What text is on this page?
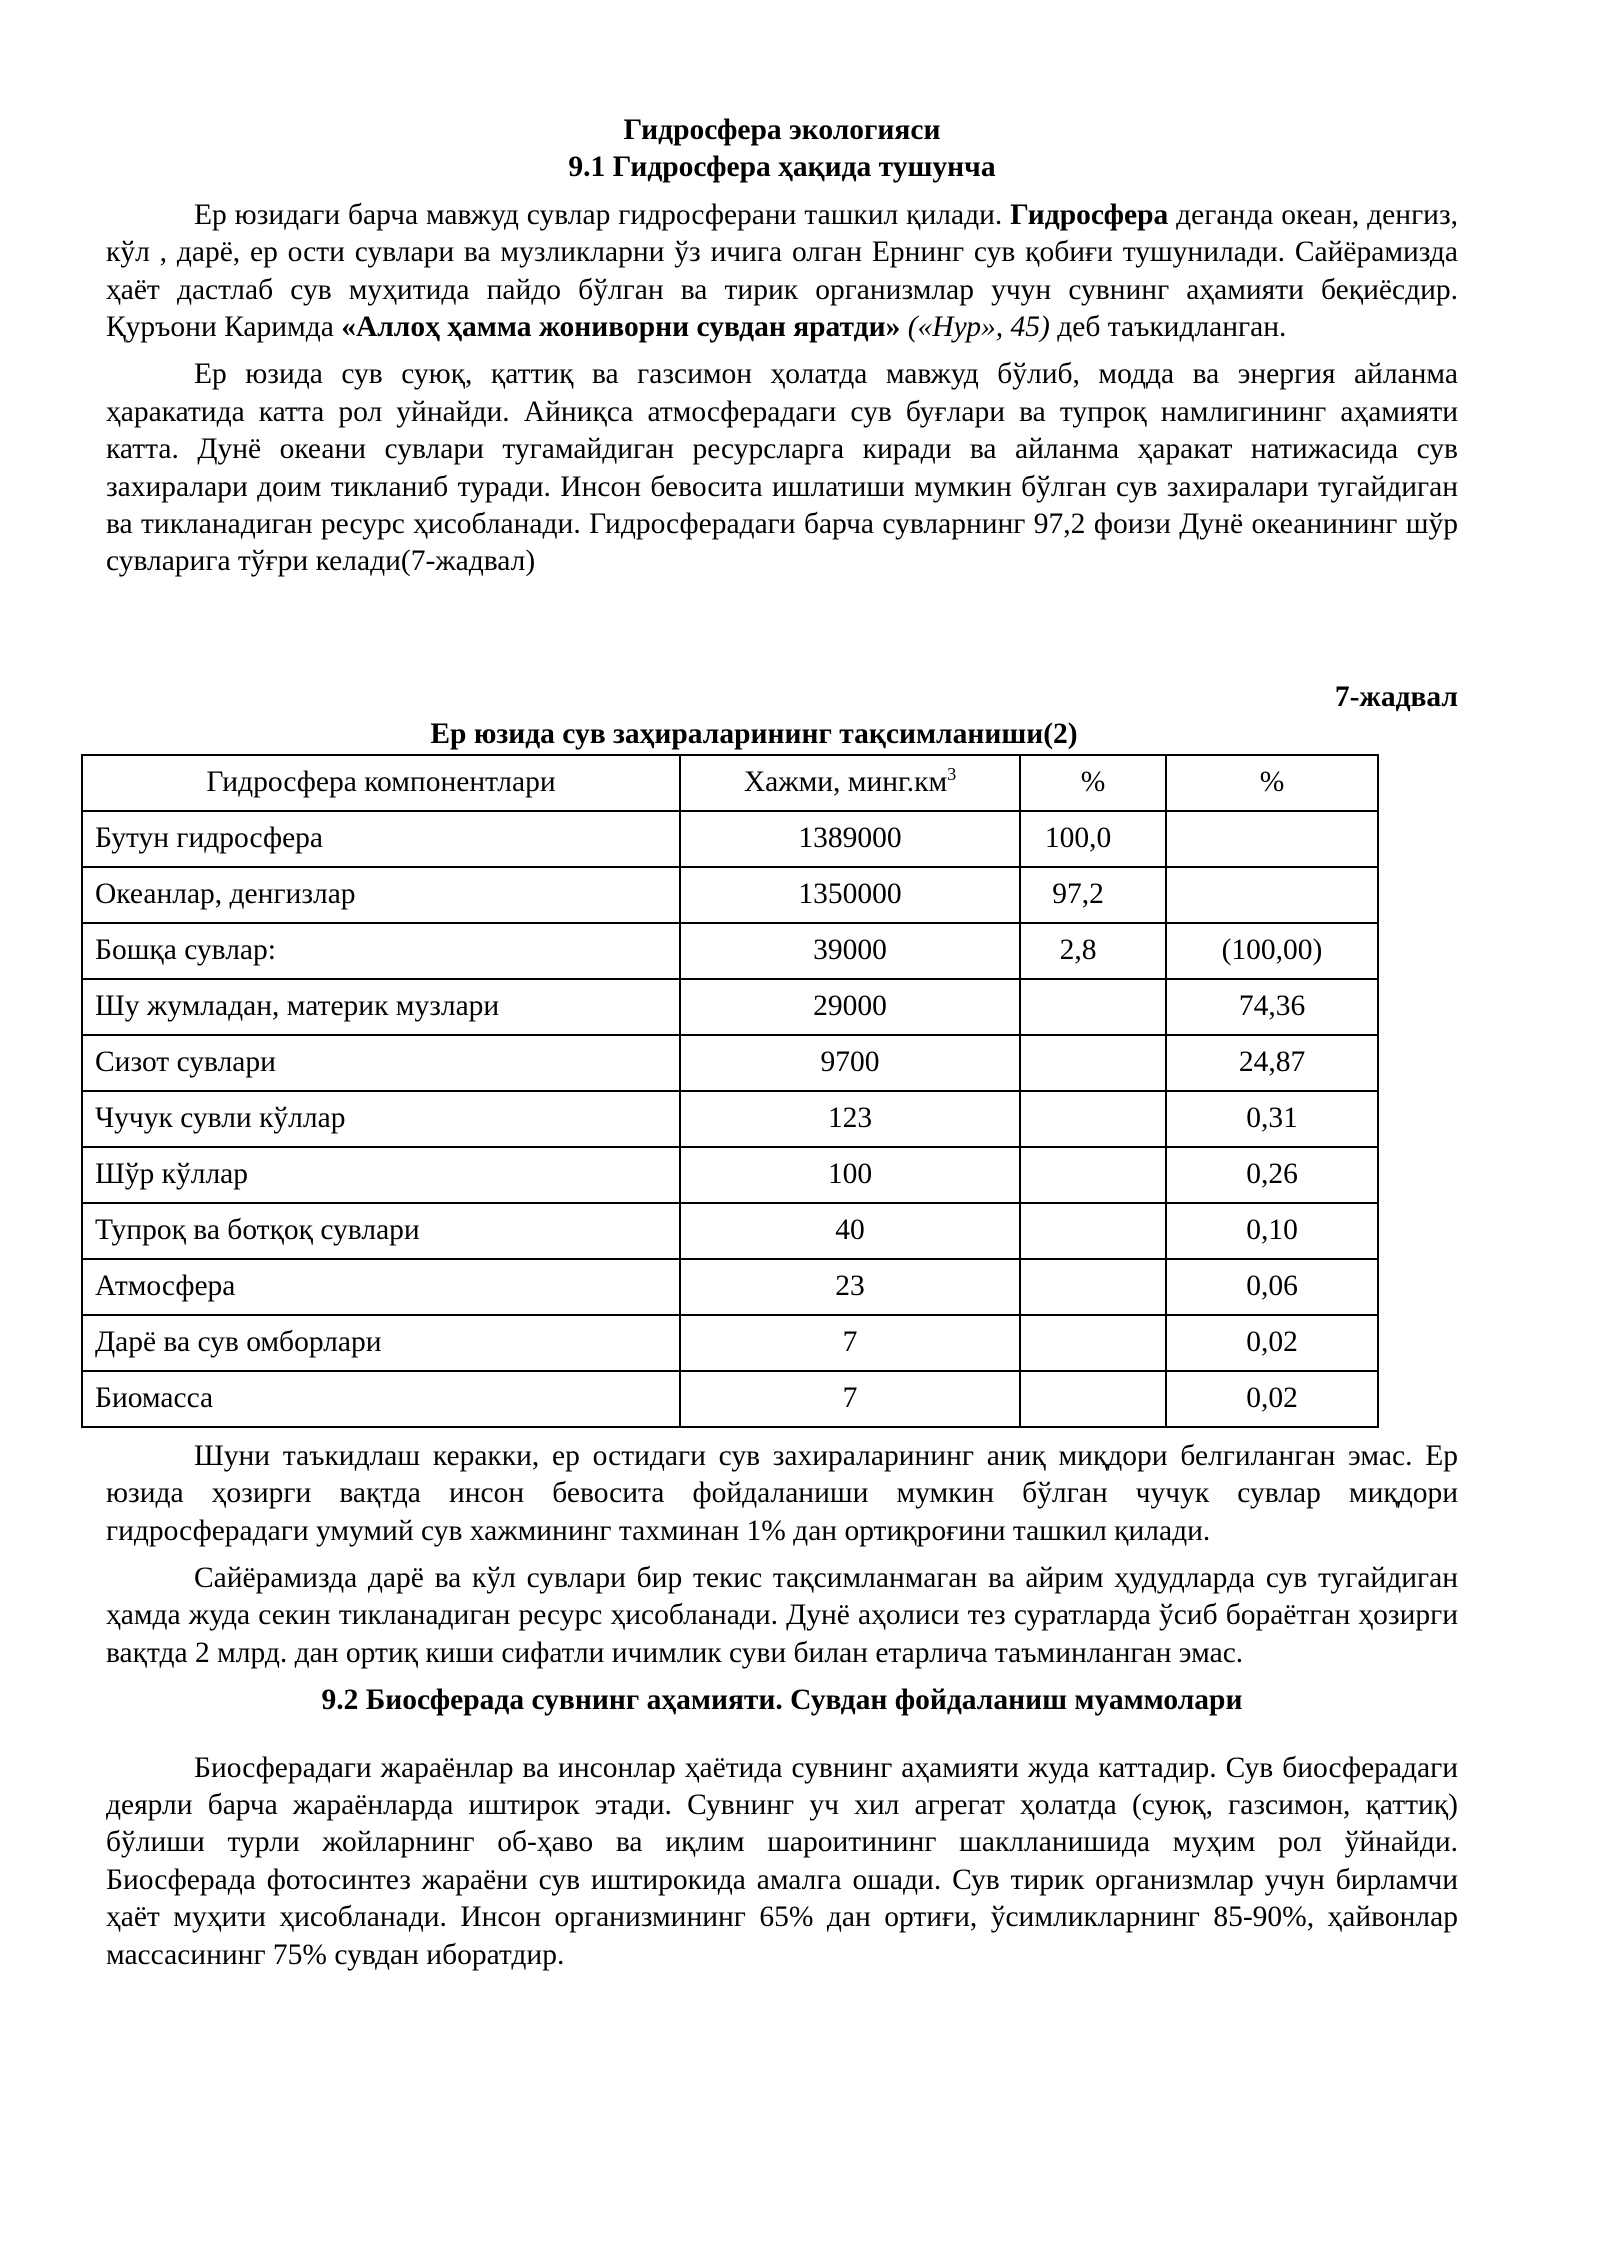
Гидросфера экологияси

9.1 Гидросфера ҳақида тушунча

Ер юзидаги барча мавжуд сувлар гидросферани ташкил қилади. Гидросфера деганда океан, денгиз, кўл , дарё, ер ости сувлари ва музликларни ўз ичига олган Ернинг сув қобиғи тушунилади. Сайёрамизда ҳаёт дастлаб сув муҳитида пайдо бўлган ва тирик организмлар учун сувнинг аҳамияти беқиёсдир. Қуръони Каримда «Аллоҳ ҳамма жониворни сувдан яратди» («Нур», 45) деб таъкидланган.

Ер юзида сув суюқ, қаттиқ ва газсимон ҳолатда мавжуд бўлиб, модда ва энергия айланма ҳаракатида катта рол уйнайди. Айниқса атмосферадаги сув буғлари ва тупроқ намлигининг аҳамияти катта. Дунё океани сувлари тугамайдиган ресурсларга киради ва айланма ҳаракат натижасида сув захиралари доим тикланиб туради. Инсон бевосита ишлатиши мумкин бўлган сув захиралари тугайдиган ва тикланадиган ресурс ҳисобланади. Гидросферадаги барча сувларнинг 97,2 фоизи Дунё океанининг шўр сувларига тўғри келади(7-жадвал)

7-жадвал

Ер юзида сув заҳираларининг тақсимланиши(2)

Гидросфера компонентлари	Хажми, $минг.км^3$	%	%
Бутун гидросфера	1389000	100,0	
Океанлар, денгизлар	1350000	97,2	
Бошқа сувлар:	39000	2,8	(100,00)
Шу жумладан, материк музлари	29000		74,36
Сизот сувлари	9700		24,87
Чучук сувли кўллар	123		0,31
Шўр кўллар	100		0,26
Тупроқ ва ботқоқ сувлари	40		0,10
Атмосфера	23		0,06
Дарё ва сув омборлари	7		0,02
Биомасса	7		0,02

Шуни таъкидлаш керакки, ер остидаги сув захираларининг аниқ миқдори белгиланган эмас. Ер юзида ҳозирги вақтда инсон бевосита фойдаланиши мумкин бўлган чучук сувлар миқдори гидросферадаги умумий сув хажмининг тахминан 1% дан ортиқроғини ташкил қилади.

Сайёрамизда дарё ва кўл сувлари бир текис тақсимланмаган ва айрим ҳудудларда сув тугайдиган ҳамда жуда секин тикланадиган ресурс ҳисобланади. Дунё аҳолиси тез суратларда ўсиб бораётган ҳозирги вақтда 2 млрд. дан ортиқ киши сифатли ичимлик суви билан етарлича таъминланган эмас.

9.2 Биосферада сувнинг аҳамияти. Сувдан фойдаланиш муаммолари

Биосферадаги жараёнлар ва инсонлар ҳаётида сувнинг аҳамияти жуда каттадир. Сув биосферадаги деярли барча жараёнларда иштирок этади. Сувнинг уч хил агрегат ҳолатда (суюқ, газсимон, қаттиқ) бўлиши турли жойларнинг об-ҳаво ва иқлим шароитининг шаклланишида муҳим рол ўйнайди. Биосферада фотосинтез жараёни сув иштирокида амалга ошади. Сув тирик организмлар учун бирламчи ҳаёт муҳити ҳисобланади. Инсон организмининг 65% дан ортиғи, ўсимликларнинг 85-90%, ҳайвонлар массасининг 75% сувдан иборатдир.
